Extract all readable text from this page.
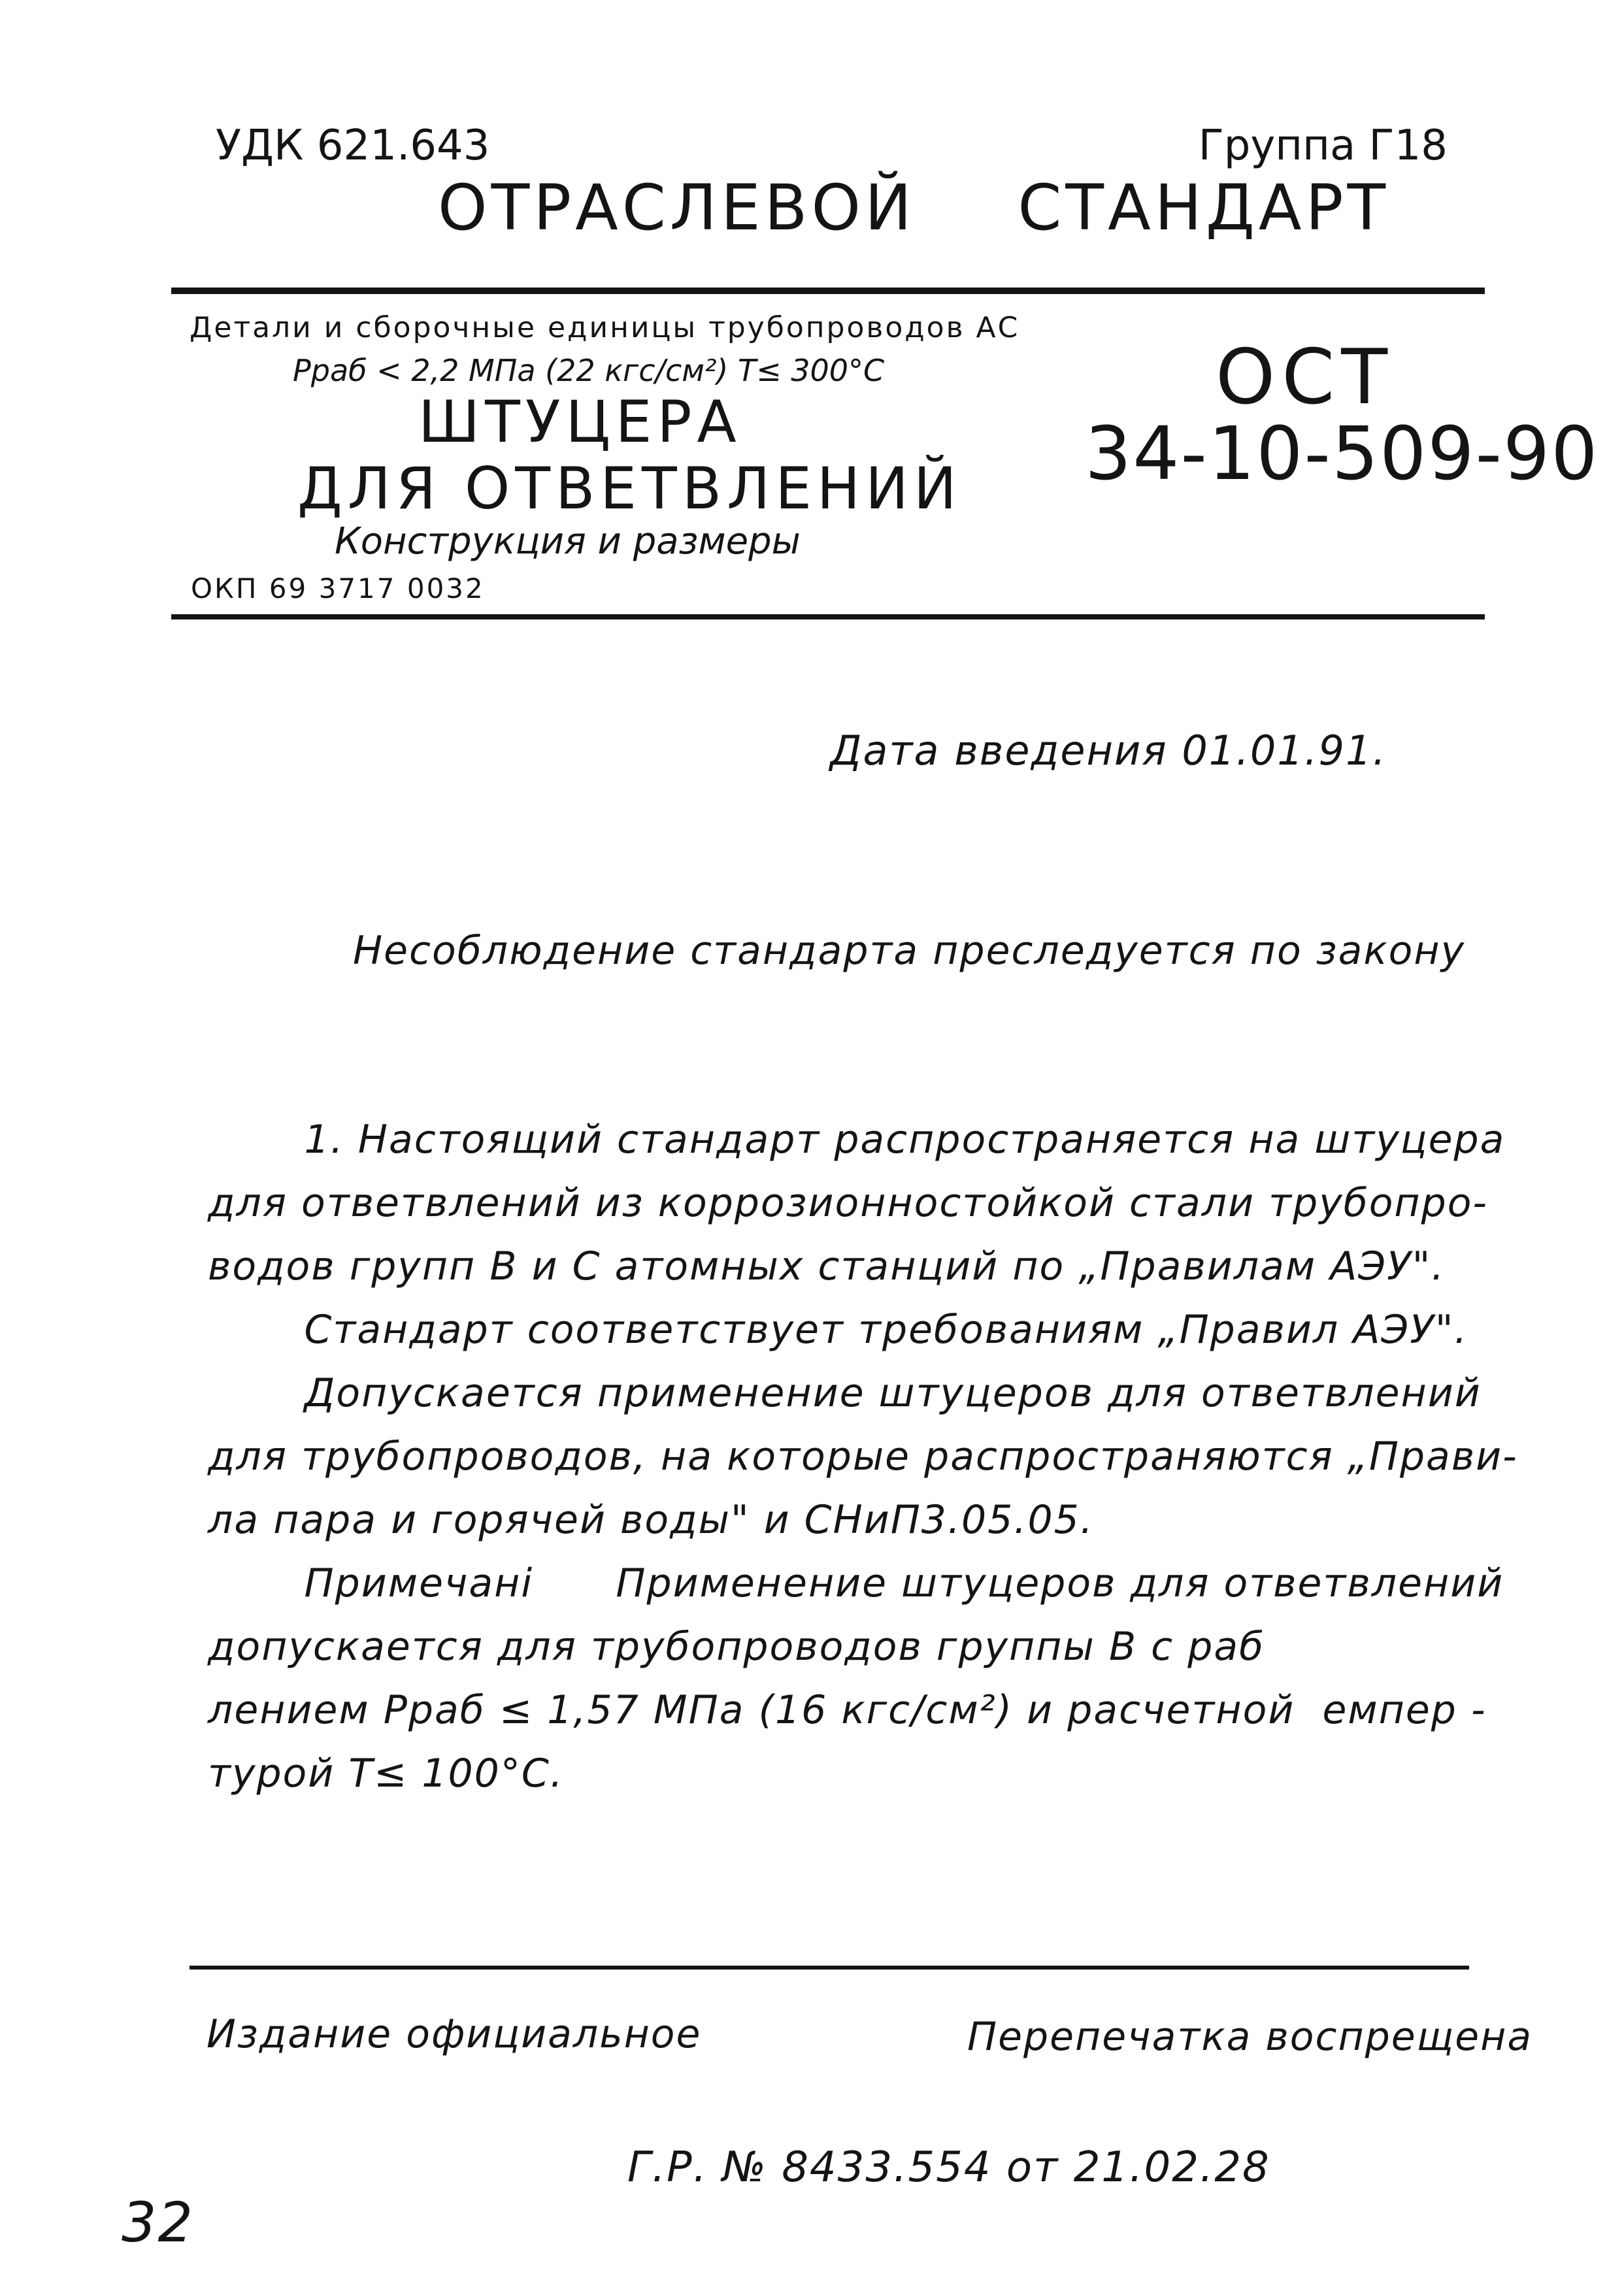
УДК 621.643	Группа Г18
ОТРАСЛЕВОЙ СТАНДАРТ
Детали и сборочные единицы трубопроводов АС
Рраб < 2,2 МПа (22 кгс/см²) Т≤ 300°С
ШТУЦЕРА
ДЛЯ ОТВЕТВЛЕНИЙ
Конструкция и размеры
ОКП 69 3717 0032
ОСТ
34-10-509-90
Дата введения 01.01.91.
Несоблюдение стандарта преследуется по закону

1. Настоящий стандарт распространяется на штуцера

для ответвлений из коррозионностойкой стали трубопро-

водов групп В и С атомных станций по „Правилам АЭУ".

Стандарт соответствует требованиям „Правил АЭУ".

Допускается применение штуцеров для ответвлений

для трубопроводов, на которые распространяются „Прави-

ла пара и горячей воды" и СНиП3.05.05.

Примечані      Применение штуцеров для ответвлений

допускается для трубопроводов группы В с раб

лением Рраб ≤ 1,57 МПа (16 кгс/см²) и расчетной  емпер -

турой Т≤ 100°С.

Издание официальное	Перепечатка воспрещена
Г.Р. № 8433.554 от 21.02.28
32
